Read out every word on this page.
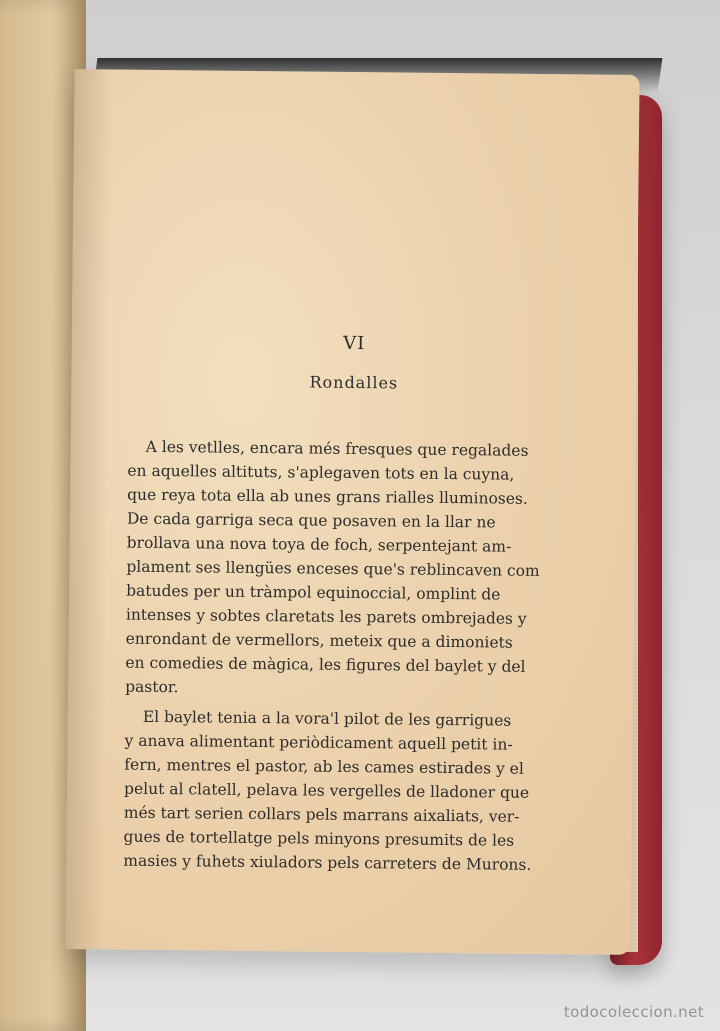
VI
Rondalles
A les vetlles, encara més fresques que regalades
en aquelles altituts, s'aplegaven tots en la cuyna,
que reya tota ella ab unes grans rialles lluminoses.
De cada garriga seca que posaven en la llar ne
brollava una nova toya de foch, serpentejant am-
plament ses llengües enceses que's reblincaven com
batudes per un tràmpol equinoccial, omplint de
intenses y sobtes claretats les parets ombrejades y
enrondant de vermellors, meteix que a dimoniets
en comedies de màgica, les figures del baylet y del
pastor.
El baylet tenia a la vora'l pilot de les garrigues
y anava alimentant periòdicament aquell petit in-
fern, mentres el pastor, ab les cames estirades y el
pelut al clatell, pelava les vergelles de lladoner que
més tart serien collars pels marrans aixaliats, ver-
gues de tortellatge pels minyons presumits de les
masies y fuhets xiuladors pels carreters de Murons.
todocoleccion.net
